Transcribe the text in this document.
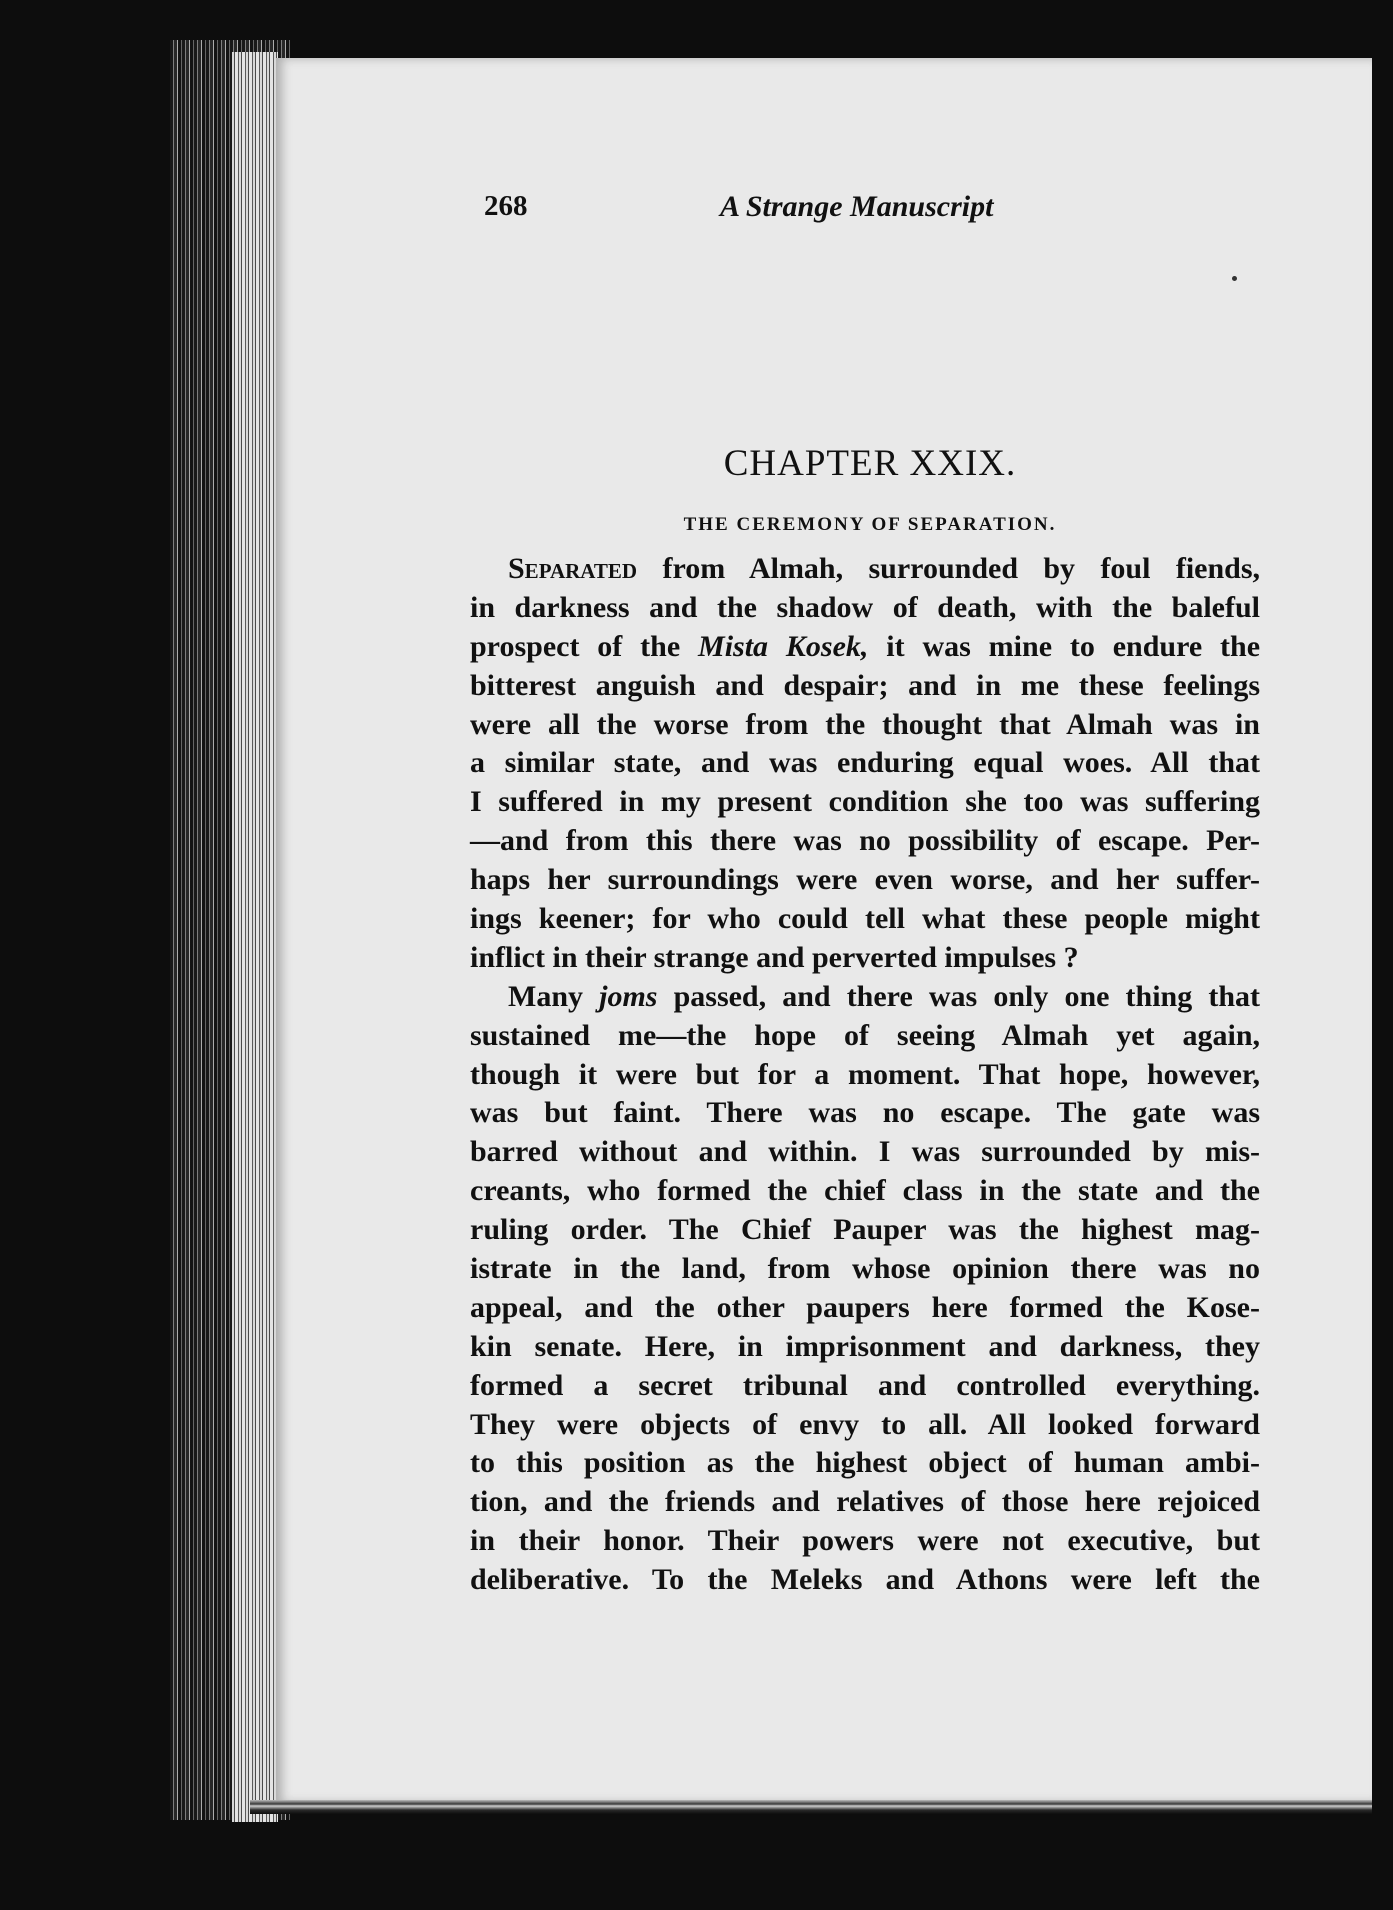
268	A Strange Manuscript
CHAPTER XXIX.
THE CEREMONY OF SEPARATION.
Separated from Almah, surrounded by foul fiends,
in darkness and the shadow of death, with the baleful
prospect of the Mista Kosek, it was mine to endure the
bitterest anguish and despair; and in me these feelings
were all the worse from the thought that Almah was in
a similar state, and was enduring equal woes. All that
I suffered in my present condition she too was suffering
—and from this there was no possibility of escape. Per-
haps her surroundings were even worse, and her suffer-
ings keener; for who could tell what these people might
inflict in their strange and perverted impulses ?
Many joms passed, and there was only one thing that
sustained me—the hope of seeing Almah yet again,
though it were but for a moment. That hope, however,
was but faint. There was no escape. The gate was
barred without and within. I was surrounded by mis-
creants, who formed the chief class in the state and the
ruling order. The Chief Pauper was the highest mag-
istrate in the land, from whose opinion there was no
appeal, and the other paupers here formed the Kose-
kin senate. Here, in imprisonment and darkness, they
formed a secret tribunal and controlled everything.
They were objects of envy to all. All looked forward
to this position as the highest object of human ambi-
tion, and the friends and relatives of those here rejoiced
in their honor. Their powers were not executive, but
deliberative. To the Meleks and Athons were left the
